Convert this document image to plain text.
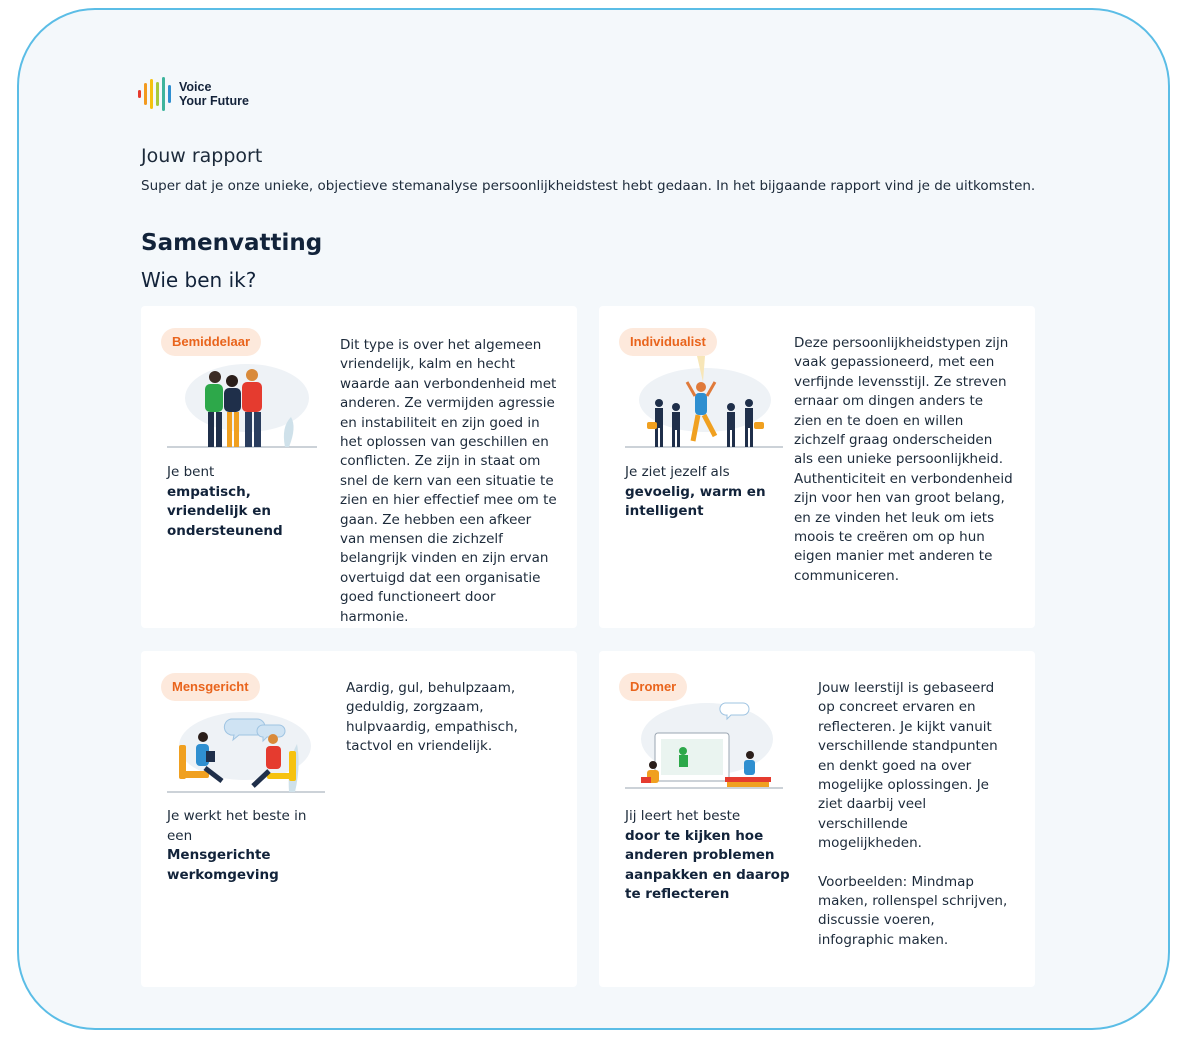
Voice
Your Future
Jouw rapport
Super dat je onze unieke, objectieve stemanalyse persoonlijkheidstest hebt gedaan. In het bijgaande rapport vind je de uitkomsten.
Samenvatting
Wie ben ik?
Bemiddelaar
Je bent
empatisch, vriendelijk en ondersteunend
Dit type is over het algemeen vriendelijk, kalm en hecht waarde aan verbondenheid met anderen. Ze vermijden agressie en instabiliteit en zijn goed in het oplossen van geschillen en conflicten. Ze zijn in staat om snel de kern van een situatie te zien en hier effectief mee om te gaan. Ze hebben een afkeer van mensen die zichzelf belangrijk vinden en zijn ervan overtuigd dat een organisatie goed functioneert door harmonie.
Individualist
Je ziet jezelf als
gevoelig, warm en intelligent
Deze persoonlijkheidstypen zijn vaak gepassioneerd, met een verfijnde levensstijl. Ze streven ernaar om dingen anders te zien en te doen en willen zichzelf graag onderscheiden als een unieke persoonlijkheid. Authenticiteit en verbondenheid zijn voor hen van groot belang, en ze vinden het leuk om iets moois te creëren om op hun eigen manier met anderen te communiceren.
Mensgericht
Je werkt het beste in een
Mensgerichte werkomgeving
Aardig, gul, behulpzaam, geduldig, zorgzaam, hulpvaardig, empathisch, tactvol en vriendelijk.
Dromer
Jij leert het beste
door te kijken hoe anderen problemen aanpakken en daarop te reflecteren

Jouw leerstijl is gebaseerd op concreet ervaren en reflecteren. Je kijkt vanuit verschillende standpunten en denkt goed na over mogelijke oplossingen. Je ziet daarbij veel verschillende mogelijkheden.

Voorbeelden: Mindmap maken, rollenspel schrijven, discussie voeren, infographic maken.
